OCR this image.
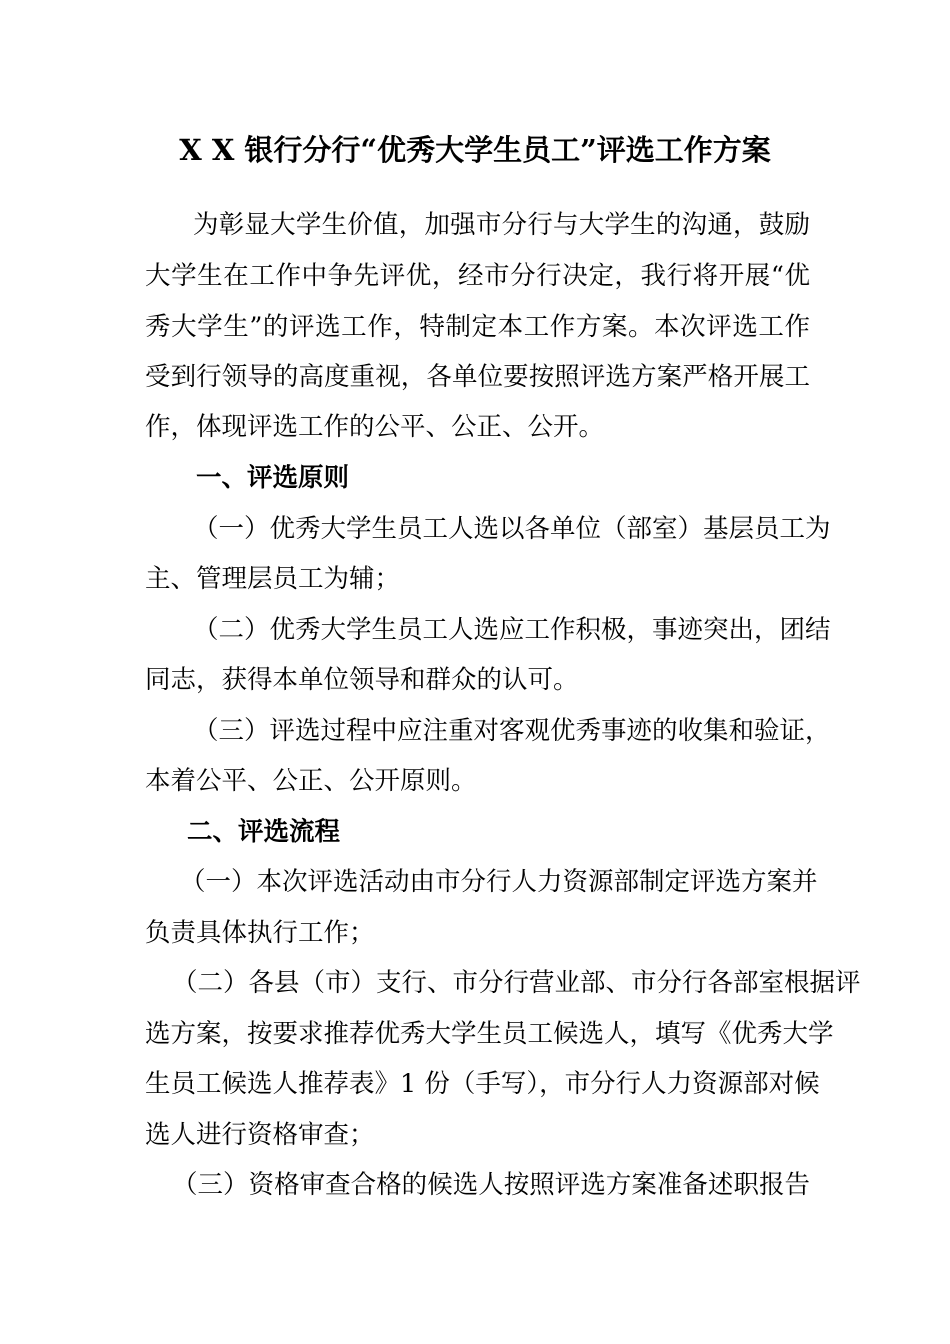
X X 银行分行“优秀大学生员工”评选工作方案
为彰显大学生价值，加强市分行与大学生的沟通，鼓励
大学生在工作中争先评优，经市分行决定，我行将开展“优
秀大学生”的评选工作，特制定本工作方案。本次评选工作
受到行领导的高度重视，各单位要按照评选方案严格开展工
作，体现评选工作的公平、公正、公开。
一、评选原则
（一）优秀大学生员工人选以各单位（部室）基层员工为
主、管理层员工为辅；
（二）优秀大学生员工人选应工作积极，事迹突出，团结
同志，获得本单位领导和群众的认可。
（三）评选过程中应注重对客观优秀事迹的收集和验证，
本着公平、公正、公开原则。
二、评选流程
（一）本次评选活动由市分行人力资源部制定评选方案并
负责具体执行工作；
（二）各县（市）支行、市分行营业部、市分行各部室根据评
选方案，按要求推荐优秀大学生员工候选人，填写《优秀大学
生员工候选人推荐表》1 份（手写），市分行人力资源部对候
选人进行资格审查；
（三）资格审查合格的候选人按照评选方案准备述职报告
